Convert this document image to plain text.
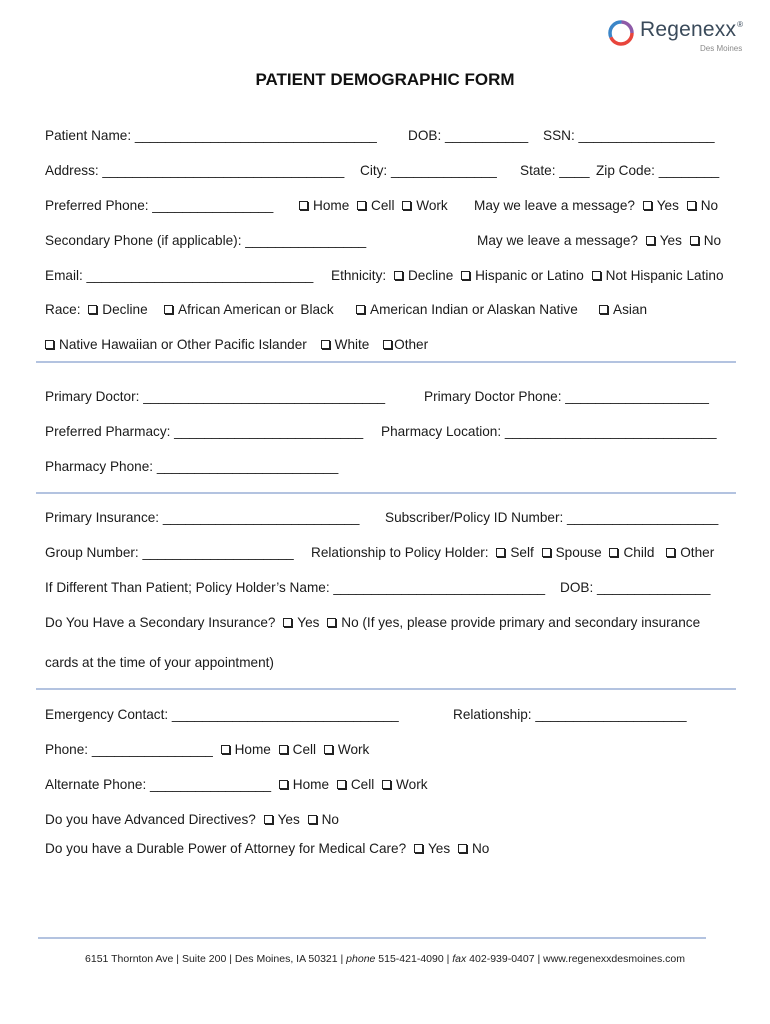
Regenexx®
Des Moines
PATIENT DEMOGRAPHIC FORM
Patient Name: ________________________________ DOB: ___________ SSN: __________________
Address: ________________________________ City: ______________ State: ____ Zip Code: ________
Preferred Phone: ________________	Home Cell Work May we leave a message? Yes No
Secondary Phone (if applicable): ________________	May we leave a message? Yes No
Email: ______________________________ Ethnicity: Decline Hispanic or Latino Not Hispanic Latino
Race: Decline	African American or Black	American Indian or Alaskan Native	Asian
Native Hawaiian or Other Pacific Islander White Other
Primary Doctor: ________________________________	Primary Doctor Phone: ___________________
Preferred Pharmacy: _________________________ Pharmacy Location: ____________________________
Pharmacy Phone: ________________________
Primary Insurance: __________________________ Subscriber/Policy ID Number: ____________________
Group Number: ____________________ Relationship to Policy Holder: Self Spouse Child Other
If Different Than Patient; Policy Holder’s Name: ____________________________ DOB: _______________
Do You Have a Secondary Insurance? Yes No (If yes, please provide primary and secondary insurance
cards at the time of your appointment)
Emergency Contact: ______________________________	Relationship: ____________________
Phone: ________________ Home Cell Work
Alternate Phone: ________________ Home Cell Work
Do you have Advanced Directives? Yes No
Do you have a Durable Power of Attorney for Medical Care? Yes No
6151 Thornton Ave | Suite 200 | Des Moines, IA 50321 | phone 515-421-4090 | fax 402-939-0407 | www.regenexxdesmoines.com
